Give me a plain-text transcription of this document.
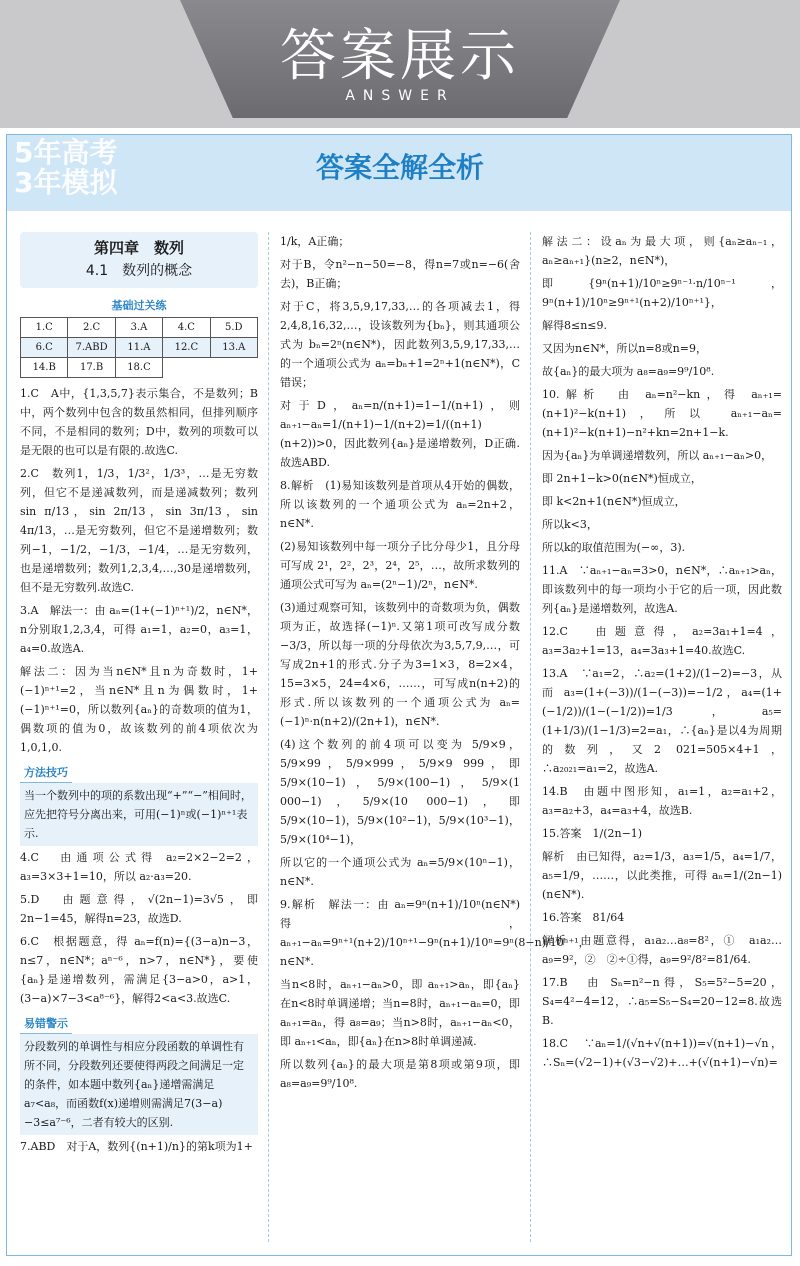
答案展示
ANSWER
5年高考
3年模拟	答案全解全析
第四章　数列
4.1　数列的概念
基础过关练
1.C	2.C	3.A	4.C	5.D
6.C	7.ABD	11.A	12.C	13.A
14.B	17.B	18.C		

1.C　A中，{1,3,5,7}表示集合，不是数列；B中，两个数列中包含的数虽然相同，但排列顺序不同，不是相同的数列；D中，数列的项数可以是无限的也可以是有限的.故选C.

2.C　数列1，1/3，1/3²，1/3³，…是无穷数列，但它不是递减数列，而是递减数列；数列 sin π/13，sin 2π/13，sin 3π/13，sin 4π/13，…是无穷数列，但它不是递增数列；数列−1，−1/2，−1/3，−1/4，…是无穷数列，也是递增数列；数列1,2,3,4,…,30是递增数列，但不是无穷数列.故选C.

3.A　解法一：由 aₙ=(1+(−1)ⁿ⁺¹)/2，n∈N*，n分别取1,2,3,4，可得 a₁=1，a₂=0，a₃=1，a₄=0.故选A.

解法二：因为当n∈N*且n为奇数时，1+(−1)ⁿ⁺¹=2，当n∈N*且n为偶数时，1+(−1)ⁿ⁺¹=0，所以数列{aₙ}的奇数项的值为1，偶数项的值为0，故该数列的前4项依次为1,0,1,0.

方法技巧
当一个数列中的项的系数出现“+”“−”相间时，应先把符号分离出来，可用(−1)ⁿ或(−1)ⁿ⁺¹表示.

4.C　由通项公式得 a₂=2×2−2=2，a₃=3×3+1=10，所以 a₂·a₃=20.

5.D　由题意得，√(2n−1)=3√5，即2n−1=45，解得n=23，故选D.

6.C　根据题意，得 aₙ=f(n)={(3−a)n−3，n≤7，n∈N*；aⁿ⁻⁶，n>7，n∈N*}，要使{aₙ}是递增数列，需满足{3−a>0，a>1，(3−a)×7−3<a⁸⁻⁶}，解得2<a<3.故选C.

易错警示
分段数列的单调性与相应分段函数的单调性有所不同，分段数列还要使得两段之间满足一定的条件，如本题中数列{aₙ}递增需满足 a₇<a₈，而函数f(x)递增则需满足7(3−a)−3≤a⁷⁻⁶，二者有较大的区别.

7.ABD　对于A，数列{(n+1)/n}的第k项为1+

1/k，A正确；

对于B，令n²−n−50=−8，得n=7或n=−6(舍去)，B正确；

对于C，将3,5,9,17,33,…的各项减去1，得2,4,8,16,32,…，设该数列为{bₙ}，则其通项公式为 bₙ=2ⁿ(n∈N*)，因此数列3,5,9,17,33,…的一个通项公式为 aₙ=bₙ+1=2ⁿ+1(n∈N*)，C错误；

对于D，aₙ=n/(n+1)=1−1/(n+1)，则 aₙ₊₁−aₙ=1/(n+1)−1/(n+2)=1/((n+1)(n+2))>0，因此数列{aₙ}是递增数列，D正确.故选ABD.

8.解析　(1)易知该数列是首项从4开始的偶数，所以该数列的一个通项公式为 aₙ=2n+2，n∈N*.

(2)易知该数列中每一项分子比分母少1，且分母可写成 2¹，2²，2³，2⁴，2⁵，…，故所求数列的通项公式可写为 aₙ=(2ⁿ−1)/2ⁿ，n∈N*.

(3)通过观察可知，该数列中的奇数项为负，偶数项为正，故选择(−1)ⁿ.又第1项可改写成分数−3/3，所以每一项的分母依次为3,5,7,9,…，可写成2n+1的形式.分子为3=1×3，8=2×4，15=3×5，24=4×6，……，可写成n(n+2)的形式.所以该数列的一个通项公式为 aₙ=(−1)ⁿ·n(n+2)/(2n+1)，n∈N*.

(4)这个数列的前4项可以变为 5/9×9，5/9×99，5/9×999，5/9×9 999，即 5/9×(10−1)，5/9×(100−1)，5/9×(1 000−1)，5/9×(10 000−1)，即 5/9×(10−1)，5/9×(10²−1)，5/9×(10³−1)，5/9×(10⁴−1)，

所以它的一个通项公式为 aₙ=5/9×(10ⁿ−1)，n∈N*.

9.解析　解法一：由 aₙ=9ⁿ(n+1)/10ⁿ(n∈N*)得，aₙ₊₁−aₙ=9ⁿ⁺¹(n+2)/10ⁿ⁺¹−9ⁿ(n+1)/10ⁿ=9ⁿ(8−n)/10ⁿ⁺¹，n∈N*.

当n<8时，aₙ₊₁−aₙ>0，即 aₙ₊₁>aₙ，即{aₙ}在n<8时单调递增；当n=8时，aₙ₊₁−aₙ=0，即 aₙ₊₁=aₙ，得 a₈=a₉；当n>8时，aₙ₊₁−aₙ<0，即 aₙ₊₁<aₙ，即{aₙ}在n>8时单调递减.

所以数列{aₙ}的最大项是第8项或第9项，即 a₈=a₉=9⁹/10⁸.

解法二：设aₙ为最大项，则{aₙ≥aₙ₋₁，aₙ≥aₙ₊₁}(n≥2，n∈N*)，

即{9ⁿ(n+1)/10ⁿ≥9ⁿ⁻¹·n/10ⁿ⁻¹，9ⁿ(n+1)/10ⁿ≥9ⁿ⁺¹(n+2)/10ⁿ⁺¹}，

解得8≤n≤9.

又因为n∈N*，所以n=8或n=9，

故{aₙ}的最大项为 a₈=a₉=9⁹/10⁸.

10.解析　由 aₙ=n²−kn，得 aₙ₊₁=(n+1)²−k(n+1)，所以 aₙ₊₁−aₙ=(n+1)²−k(n+1)−n²+kn=2n+1−k.

因为{aₙ}为单调递增数列，所以 aₙ₊₁−aₙ>0，

即 2n+1−k>0(n∈N*)恒成立，

即 k<2n+1(n∈N*)恒成立，

所以k<3，

所以k的取值范围为(−∞，3).

11.A　∵aₙ₊₁−aₙ=3>0，n∈N*，∴aₙ₊₁>aₙ，即该数列中的每一项均小于它的后一项，因此数列{aₙ}是递增数列，故选A.

12.C　由题意得，a₂=3a₁+1=4，a₃=3a₂+1=13，a₄=3a₃+1=40.故选C.

13.A　∵a₁=2，∴a₂=(1+2)/(1−2)=−3，从而 a₃=(1+(−3))/(1−(−3))=−1/2，a₄=(1+(−1/2))/(1−(−1/2))=1/3，a₅=(1+1/3)/(1−1/3)=2=a₁，∴{aₙ}是以4为周期的数列，又2 021=505×4+1，∴a₂₀₂₁=a₁=2，故选A.

14.B　由题中图形知，a₁=1，a₂=a₁+2，a₃=a₂+3，a₄=a₃+4，故选B.

15.答案　1/(2n−1)

解析　由已知得，a₂=1/3，a₃=1/5，a₄=1/7，a₅=1/9，……，以此类推，可得 aₙ=1/(2n−1)(n∈N*).

16.答案　81/64

解析　由题意得，a₁a₂…a₈=8²，①　a₁a₂…a₉=9²，②　②÷①得，a₉=9²/8²=81/64.

17.B　由 Sₙ=n²−n得，S₅=5²−5=20，S₄=4²−4=12，∴a₅=S₅−S₄=20−12=8.故选B.

18.C　∵aₙ=1/(√n+√(n+1))=√(n+1)−√n，∴Sₙ=(√2−1)+(√3−√2)+…+(√(n+1)−√n)=
